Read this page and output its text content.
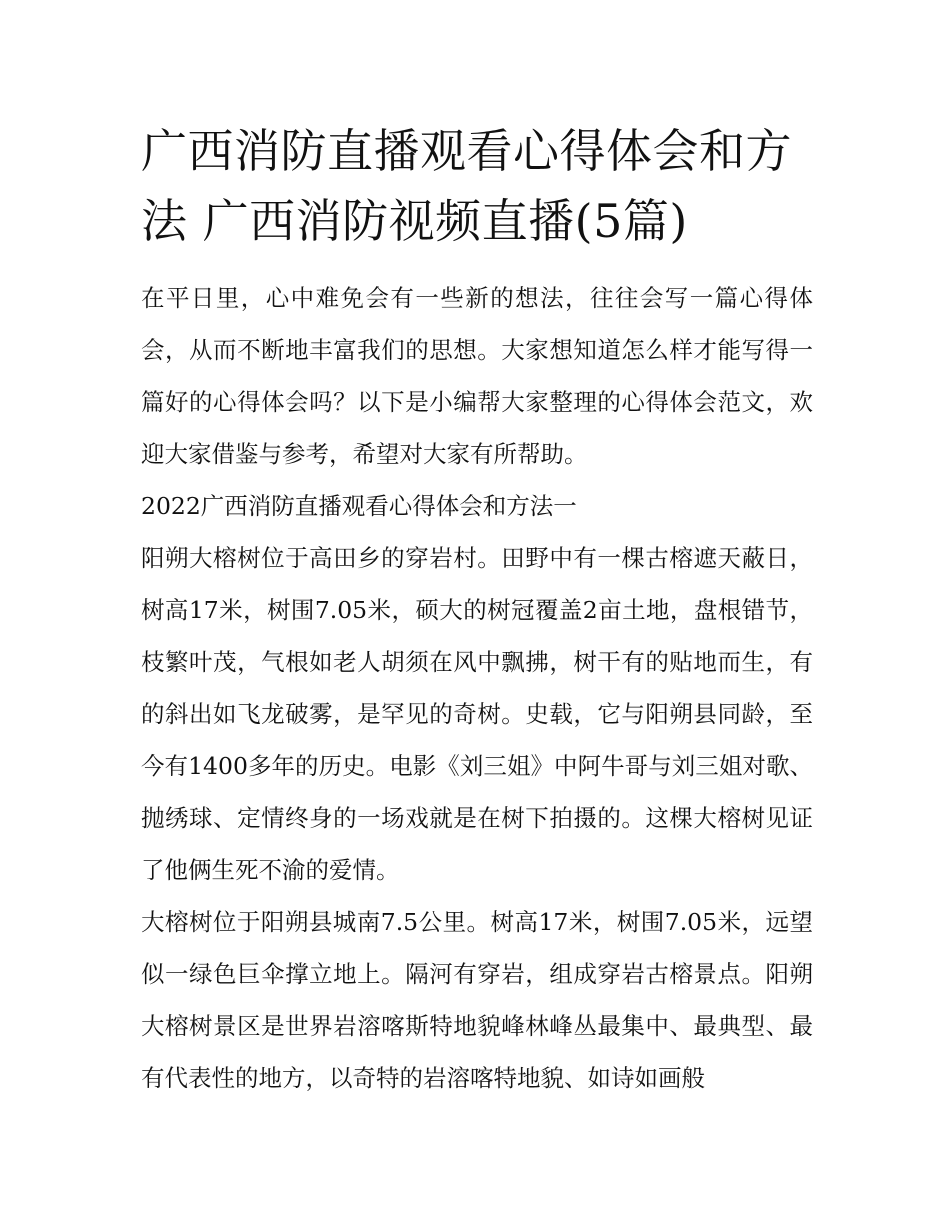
广西消防直播观看心得体会和方法 广西消防视频直播(5篇)

在平日里，心中难免会有一些新的想法，往往会写一篇心得体会，从而不断地丰富我们的思想。大家想知道怎么样才能写得一篇好的心得体会吗？以下是小编帮大家整理的心得体会范文，欢迎大家借鉴与参考，希望对大家有所帮助。

2022广西消防直播观看心得体会和方法一

阳朔大榕树位于高田乡的穿岩村。田野中有一棵古榕遮天蔽日，树高17米，树围7.05米，硕大的树冠覆盖2亩土地，盘根错节，枝繁叶茂，气根如老人胡须在风中飘拂，树干有的贴地而生，有的斜出如飞龙破雾，是罕见的奇树。史载，它与阳朔县同龄，至今有1400多年的历史。电影《刘三姐》中阿牛哥与刘三姐对歌、抛绣球、定情终身的一场戏就是在树下拍摄的。这棵大榕树见证了他俩生死不渝的爱情。

大榕树位于阳朔县城南7.5公里。树高17米，树围7.05米，远望似一绿色巨伞撑立地上。隔河有穿岩，组成穿岩古榕景点。阳朔大榕树景区是世界岩溶喀斯特地貌峰林峰丛最集中、最典型、最有代表性的地方，以奇特的岩溶喀特地貌、如诗如画般
